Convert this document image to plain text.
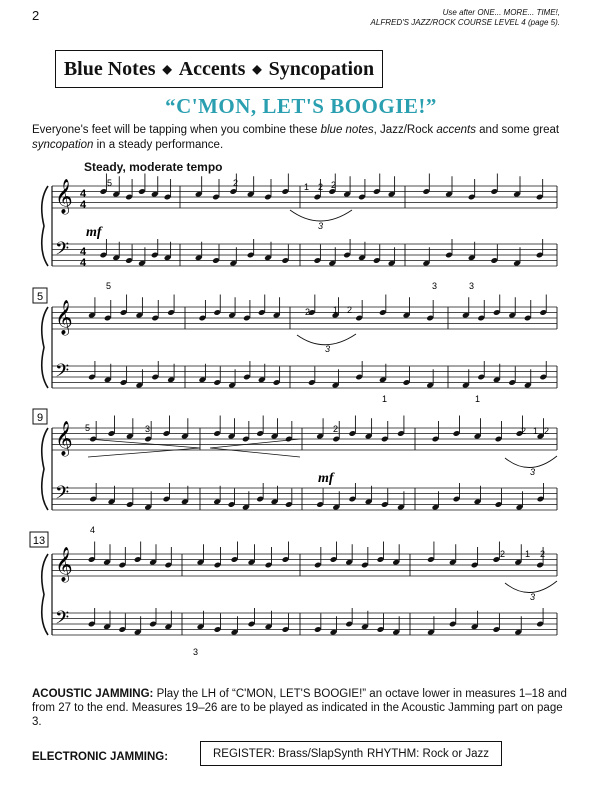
2	Use after ONE... MORE... TIME!,
ALFRED'S JAZZ/ROCK COURSE LEVEL 4 (page 5).
Blue Notes ◆ Accents ◆ Syncopation
“C'MON, LET'S BOOGIE!”
Everyone's feet will be tapping when you combine these blue notes, Jazz/Rock accents and some great syncopation in a steady performance.
Steady, moderate tempo
𝄞
𝄢
4
4
4
4
𝄞
𝄢
𝄞
𝄢
𝄞
𝄢
5
9
13
mf
mf
5	2	2
1 2
5	3
2	1 2
2
1	1
5	3
4
2 1 2
2 1 2
3
3
3
3
3
3
ACOUSTIC JAMMING: Play the LH of “C'MON, LET'S BOOGIE!” an octave lower in measures 1–18 and from 27 to the end. Measures 19–26 are to be played as indicated in the Acoustic Jamming part on page 3.
ELECTRONIC JAMMING:	REGISTER: Brass/SlapSynth RHYTHM: Rock or Jazz
